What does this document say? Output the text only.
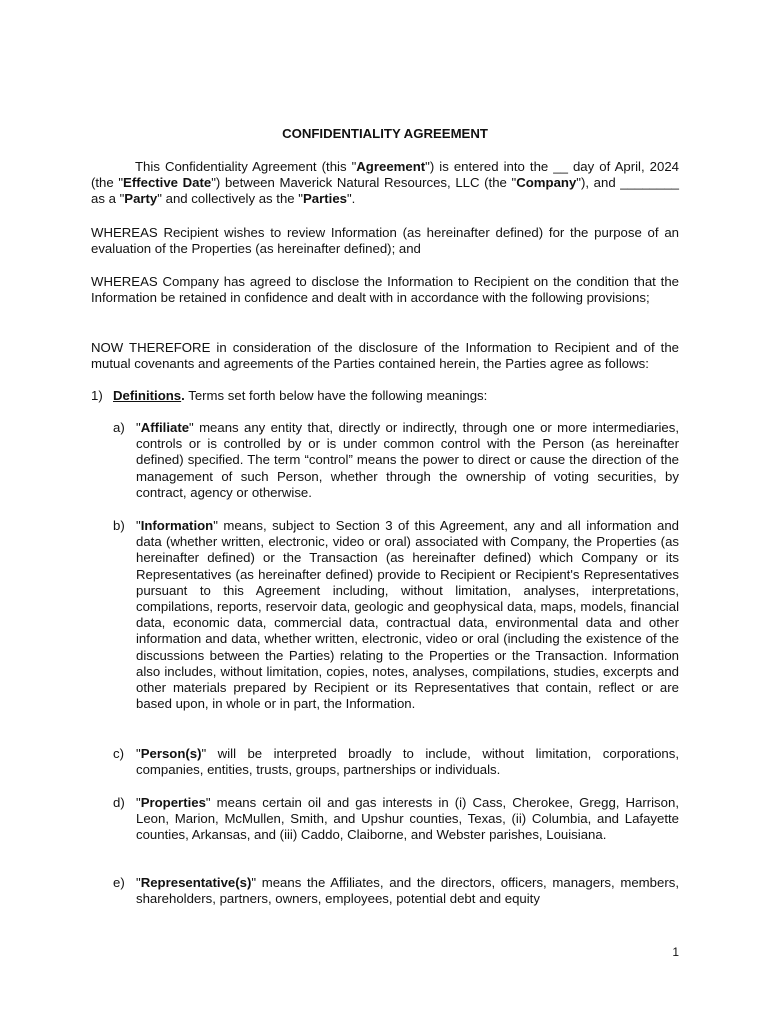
CONFIDENTIALITY AGREEMENT

This Confidentiality Agreement (this "Agreement") is entered into the __ day of April, 2024 (the "Effective Date") between Maverick Natural Resources, LLC (the "Company"), and ________ as a "Party" and collectively as the "Parties".

WHEREAS Recipient wishes to review Information (as hereinafter defined) for the purpose of an evaluation of the Properties (as hereinafter defined); and

WHEREAS Company has agreed to disclose the Information to Recipient on the condition that the Information be retained in confidence and dealt with in accordance with the following provisions;

NOW THEREFORE in consideration of the disclosure of the Information to Recipient and of the mutual covenants and agreements of the Parties contained herein, the Parties agree as follows:

1) Definitions. Terms set forth below have the following meanings:
a) "Affiliate" means any entity that, directly or indirectly, through one or more intermediaries, controls or is controlled by or is under common control with the Person (as hereinafter defined) specified. The term “control” means the power to direct or cause the direction of the management of such Person, whether through the ownership of voting securities, by contract, agency or otherwise.

b) "Information" means, subject to Section 3 of this Agreement, any and all information and data (whether written, electronic, video or oral) associated with Company, the Properties (as hereinafter defined) or the Transaction (as hereinafter defined) which Company or its Representatives (as hereinafter defined) provide to Recipient or Recipient's Representatives pursuant to this Agreement including, without limitation, analyses, interpretations, compilations, reports, reservoir data, geologic and geophysical data, maps, models, financial data, economic data, commercial data, contractual data, environmental data and other information and data, whether written, electronic, video or oral (including the existence of the discussions between the Parties) relating to the Properties or the Transaction. Information also includes, without limitation, copies, notes, analyses, compilations, studies, excerpts and other materials prepared by Recipient or its Representatives that contain, reflect or are based upon, in whole or in part, the Information.

c) "Person(s)" will be interpreted broadly to include, without limitation, corporations, companies, entities, trusts, groups, partnerships or individuals.

d) "Properties" means certain oil and gas interests in (i) Cass, Cherokee, Gregg, Harrison, Leon, Marion, McMullen, Smith, and Upshur counties, Texas, (ii) Columbia, and Lafayette counties, Arkansas, and (iii) Caddo, Claiborne, and Webster parishes, Louisiana.

e) "Representative(s)" means the Affiliates, and the directors, officers, managers, members, shareholders, partners, owners, employees, potential debt and equity

1
